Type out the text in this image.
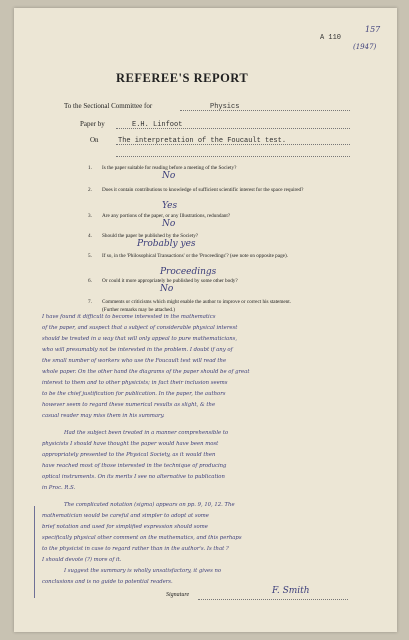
A 110

157

(1947)

REFEREE'S REPORT

To the Sectional Committee for	Physics

Paper by	E.H. Linfoot

On	The interpretation of the Foucault test.

1. Is the paper suitable for reading before a meeting of the Society?

No

2. Does it contain contributions to knowledge of sufficient scientific interest for the space required?

Yes

3. Are any portions of the paper, or any Illustrations, redundant?

No

4. Should the paper be published by the Society?

Probably yes

5. If so, in the 'Philosophical Transactions' or the 'Proceedings'? (see note on opposite page).

Proceedings

6. Or could it more appropriately be published by some other body?

No

7. Comments or criticisms which might enable the author to improve or correct his statement.

(Further remarks may be attached.)

I have found it difficult to become interested in the mathematics
of the paper, and suspect that a subject of considerable physical interest
should be treated in a way that will only appeal to pure mathematicians,
who will presumably not be interested in the problem. I doubt if any of
the small number of workers who use the Foucault test will read the
whole paper. On the other hand the diagrams of the paper should be of great
interest to them and to other physicists; in fact their inclusion seems
to be the chief justification for publication. In the paper, the authors
however seem to regard these numerical results as slight, & the
casual reader may miss them in his summary.
Had the subject been treated in a manner comprehensible to
physicists I should have thought the paper would have been most
appropriately presented to the Physical Society, as it would then
have reached most of those interested in the technique of producing
optical instruments. On its merits I see no alternative to publication
in Proc. R.S.
The complicated notation (sigma) appears on pp. 9, 10, 12. The
mathematician would be careful and simpler to adopt at some
brief notation and used for simplified expression should some
specifically physical other comment on the mathematics, and this perhaps
to the physicist in case to regard rather than in the author's. Is that ?
I should devote (?) more of it.
I suggest the summary is wholly unsatisfactory, it gives no
conclusions and is no guide to potential readers.

Signature	F. Smith
